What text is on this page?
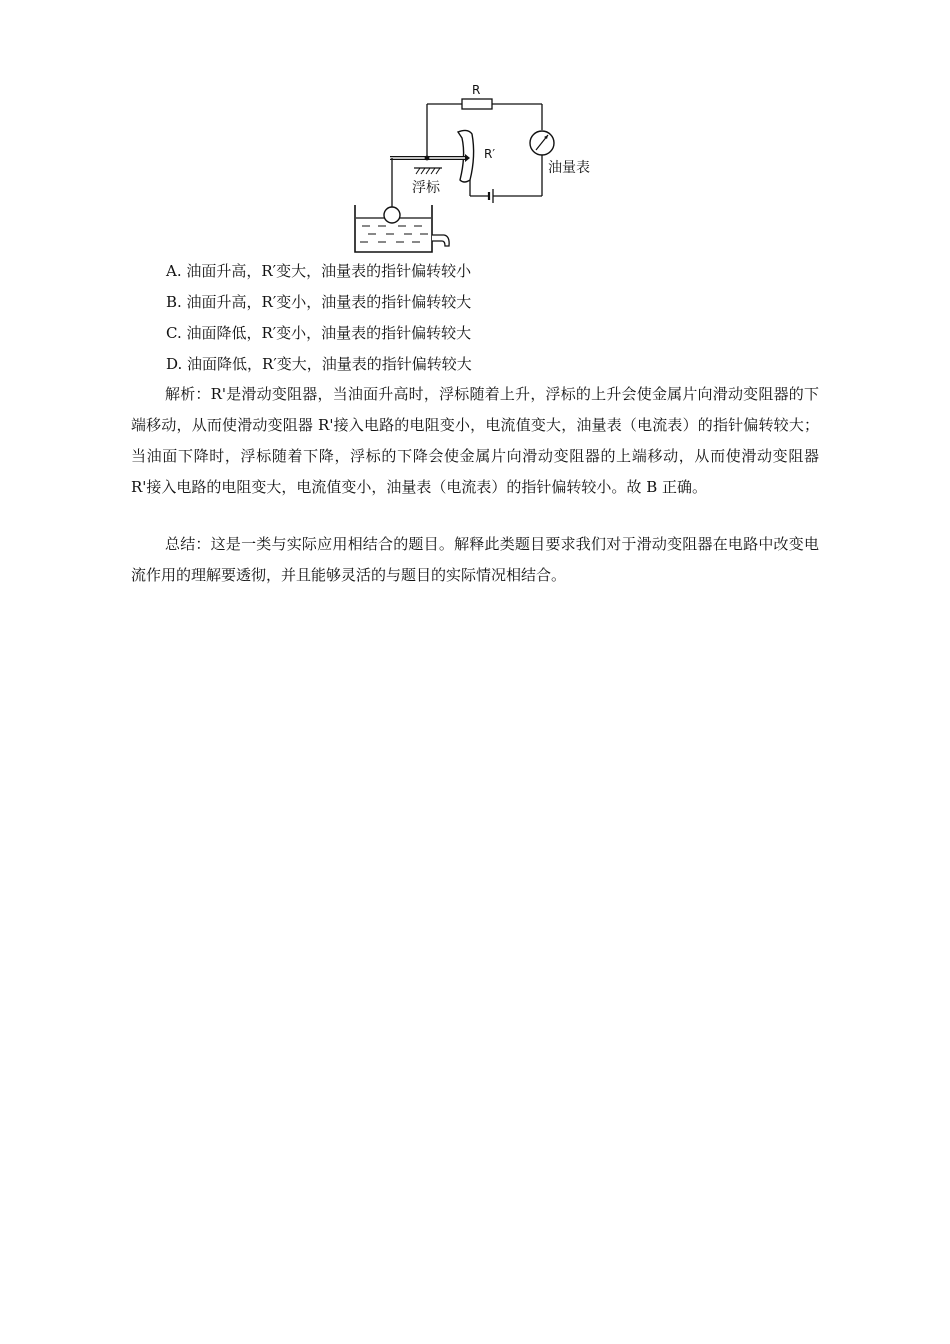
R
油量表
R′
浮标
A. 油面升高，R′变大，油量表的指针偏转较小
B. 油面升高，R′变小，油量表的指针偏转较大
C. 油面降低，R′变小，油量表的指针偏转较大
D. 油面降低，R′变大，油量表的指针偏转较大

解析：R'是滑动变阻器，当油面升高时，浮标随着上升，浮标的上升会使金属片向滑动变阻器的下端移动，从而使滑动变阻器 R'接入电路的电阻变小，电流值变大，油量表（电流表）的指针偏转较大；当油面下降时，浮标随着下降，浮标的下降会使金属片向滑动变阻器的上端移动，从而使滑动变阻器 R'接入电路的电阻变大，电流值变小，油量表（电流表）的指针偏转较小。故 B 正确。

总结：这是一类与实际应用相结合的题目。解释此类题目要求我们对于滑动变阻器在电路中改变电流作用的理解要透彻，并且能够灵活的与题目的实际情况相结合。
